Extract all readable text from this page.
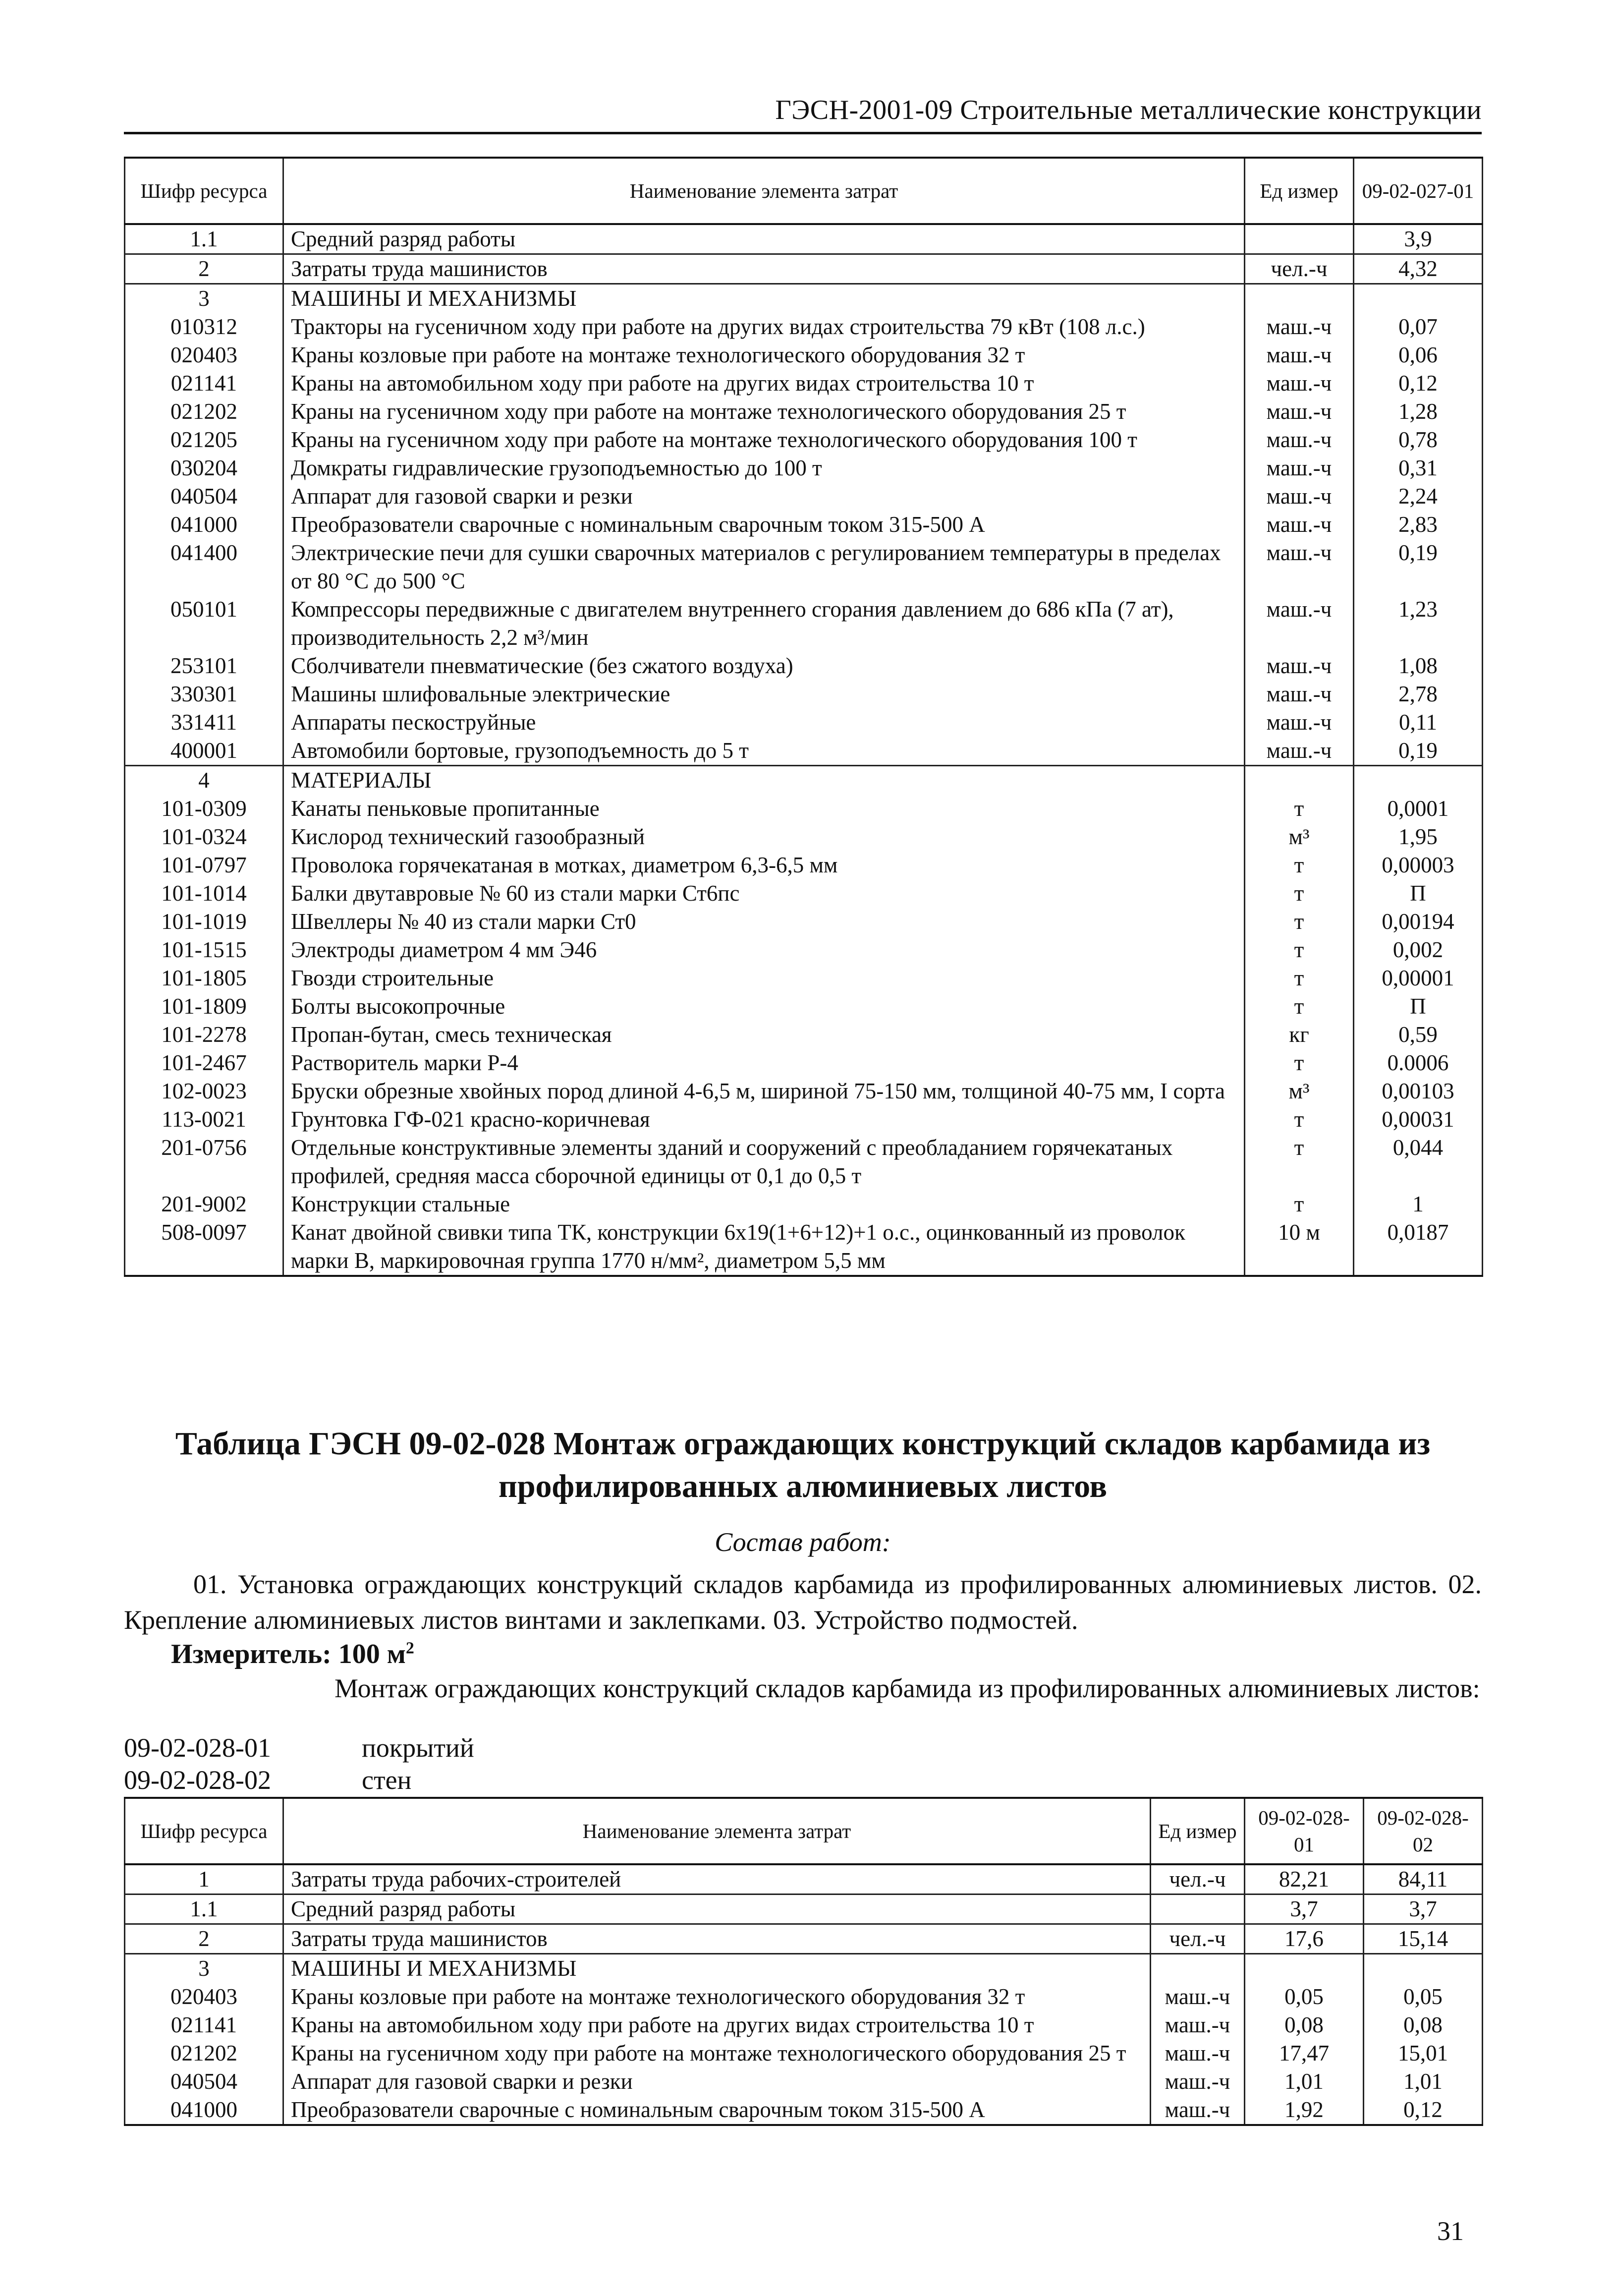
ГЭСН-2001-09 Строительные металлические конструкции
Шифр ресурса	Наименование элемента затрат	Ед измер	09-02-027-01
1.1	Средний разряд работы		3,9
2	Затраты труда машинистов	чел.-ч	4,32
3	МАШИНЫ И МЕХАНИЗМЫ		
010312	Тракторы на гусеничном ходу при работе на других видах строительства 79 кВт (108 л.с.)	маш.-ч	0,07
020403	Краны козловые при работе на монтаже технологического оборудования 32 т	маш.-ч	0,06
021141	Краны на автомобильном ходу при работе на других видах строительства 10 т	маш.-ч	0,12
021202	Краны на гусеничном ходу при работе на монтаже технологического оборудования 25 т	маш.-ч	1,28
021205	Краны на гусеничном ходу при работе на монтаже технологического оборудования 100 т	маш.-ч	0,78
030204	Домкраты гидравлические грузоподъемностью до 100 т	маш.-ч	0,31
040504	Аппарат для газовой сварки и резки	маш.-ч	2,24
041000	Преобразователи сварочные с номинальным сварочным током 315-500 А	маш.-ч	2,83
041400	Электрические печи для сушки сварочных материалов с регулированием температуры в пределах от 80 °С до 500 °С	маш.-ч	0,19
050101	Компрессоры передвижные с двигателем внутреннего сгорания давлением до 686 кПа (7 ат), производительность 2,2 м³/мин	маш.-ч	1,23
253101	Сболчиватели пневматические (без сжатого воздуха)	маш.-ч	1,08
330301	Машины шлифовальные электрические	маш.-ч	2,78
331411	Аппараты пескоструйные	маш.-ч	0,11
400001	Автомобили бортовые, грузоподъемность до 5 т	маш.-ч	0,19
4	МАТЕРИАЛЫ		
101-0309	Канаты пеньковые пропитанные	т	0,0001
101-0324	Кислород технический газообразный	м³	1,95
101-0797	Проволока горячекатаная в мотках, диаметром 6,3-6,5 мм	т	0,00003
101-1014	Балки двутавровые № 60 из стали марки Ст6пс	т	П
101-1019	Швеллеры № 40 из стали марки Ст0	т	0,00194
101-1515	Электроды диаметром 4 мм Э46	т	0,002
101-1805	Гвозди строительные	т	0,00001
101-1809	Болты высокопрочные	т	П
101-2278	Пропан-бутан, смесь техническая	кг	0,59
101-2467	Растворитель марки Р-4	т	0.0006
102-0023	Бруски обрезные хвойных пород длиной 4-6,5 м, шириной 75-150 мм, толщиной 40-75 мм, I сорта	м³	0,00103
113-0021	Грунтовка ГФ-021 красно-коричневая	т	0,00031
201-0756	Отдельные конструктивные элементы зданий и сооружений с преобладанием горячекатаных профилей, средняя масса сборочной единицы от 0,1 до 0,5 т	т	0,044
201-9002	Конструкции стальные	т	1
508-0097	Канат двойной свивки типа ТК, конструкции 6х19(1+6+12)+1 о.с., оцинкованный из проволок марки В, маркировочная группа 1770 н/мм², диаметром 5,5 мм	10 м	0,0187
Таблица ГЭСН 09-02-028 Монтаж ограждающих конструкций складов карбамида из профилированных алюминиевых листов
Состав работ:
01. Установка ограждающих конструкций складов карбамида из профилированных алюминиевых листов. 02. Крепление алюминиевых листов винтами и заклепками. 03. Устройство подмостей.
Измеритель: 100 $м^2$
Монтаж ограждающих конструкций складов карбамида из профилированных алюминиевых листов:
09-02-028-01	покрытий
09-02-028-02	стен
Шифр ресурса	Наименование элемента затрат	Ед измер	09-02-028-01	09-02-028-02
1	Затраты труда рабочих-строителей	чел.-ч	82,21	84,11
1.1	Средний разряд работы		3,7	3,7
2	Затраты труда машинистов	чел.-ч	17,6	15,14
3	МАШИНЫ И МЕХАНИЗМЫ			
020403	Краны козловые при работе на монтаже технологического оборудования 32 т	маш.-ч	0,05	0,05
021141	Краны на автомобильном ходу при работе на других видах строительства 10 т	маш.-ч	0,08	0,08
021202	Краны на гусеничном ходу при работе на монтаже технологического оборудования 25 т	маш.-ч	17,47	15,01
040504	Аппарат для газовой сварки и резки	маш.-ч	1,01	1,01
041000	Преобразователи сварочные с номинальным сварочным током 315-500 А	маш.-ч	1,92	0,12
31
